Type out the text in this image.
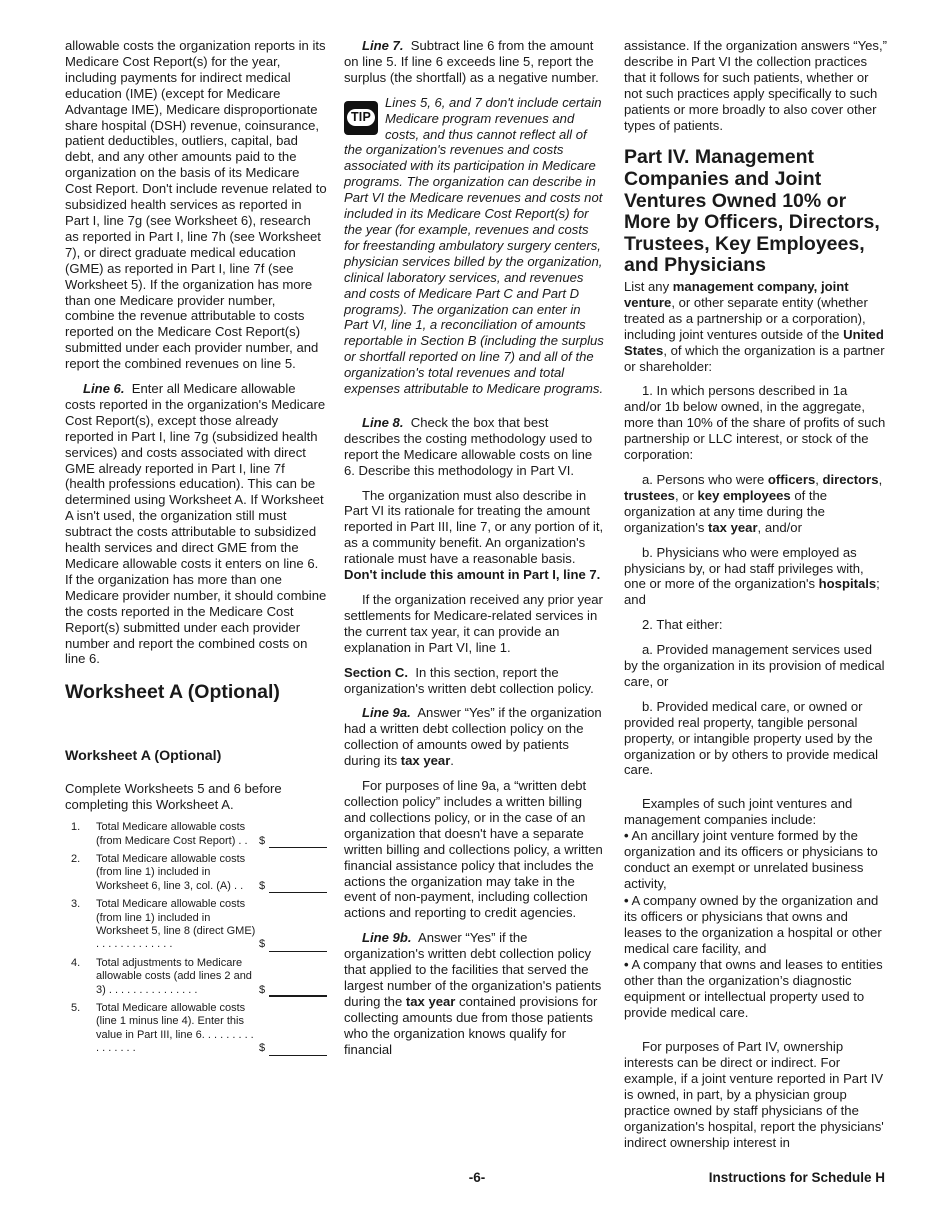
allowable costs the organization reports in its Medicare Cost Report(s) for the year, including payments for indirect medical education (IME) (except for Medicare Advantage IME), Medicare disproportionate share hospital (DSH) revenue, coinsurance, patient deductibles, outliers, capital, bad debt, and any other amounts paid to the organization on the basis of its Medicare Cost Report. Don't include revenue related to subsidized health services as reported in Part I, line 7g (see Worksheet 6), research as reported in Part I, line 7h (see Worksheet 7), or direct graduate medical education (GME) as reported in Part I, line 7f (see Worksheet 5). If the organization has more than one Medicare provider number, combine the revenue attributable to costs reported on the Medicare Cost Report(s) submitted under each provider number, and report the combined revenues on line 5.

Line 6. Enter all Medicare allowable costs reported in the organization's Medicare Cost Report(s), except those already reported in Part I, line 7g (subsidized health services) and costs associated with direct GME already reported in Part I, line 7f (health professions education). This can be determined using Worksheet A. If Worksheet A isn't used, the organization still must subtract the costs attributable to subsidized health services and direct GME from the Medicare allowable costs it enters on line 6. If the organization has more than one Medicare provider number, it should combine the costs reported in the Medicare Cost Report(s) submitted under each provider number and report the combined costs on line 6.

Worksheet A (Optional)
Worksheet A (Optional)

Complete Worksheets 5 and 6 before completing this Worksheet A.

1.	Total Medicare allowable costs (from Medicare Cost Report) . .	$	

2.	Total Medicare allowable costs (from line 1) included in Worksheet 6, line 3, col. (A) . .	$	

3.	Total Medicare allowable costs (from line 1) included in Worksheet 5, line 8 (direct GME) . . . . . . . . . . . . .	$	

4.	Total adjustments to Medicare allowable costs (add lines 2 and 3) . . . . . . . . . . . . . . .	$	

5.	Total Medicare allowable costs (line 1 minus line 4). Enter this value in Part III, line 6. . . . . . . . . . . . . . . .	$	

Line 7. Subtract line 6 from the amount on line 5. If line 6 exceeds line 5, report the surplus (the shortfall) as a negative number.

TIP
Lines 5, 6, and 7 don't include certain Medicare program revenues and costs, and thus cannot reflect all of the organization's revenues and costs associated with its participation in Medicare programs. The organization can describe in Part VI the Medicare revenues and costs not included in its Medicare Cost Report(s) for the year (for example, revenues and costs for freestanding ambulatory surgery centers, physician services billed by the organization, clinical laboratory services, and revenues and costs of Medicare Part C and Part D programs). The organization can enter in Part VI, line 1, a reconciliation of amounts reportable in Section B (including the surplus or shortfall reported on line 7) and all of the organization's total revenues and total expenses attributable to Medicare programs.

Line 8. Check the box that best describes the costing methodology used to report the Medicare allowable costs on line 6. Describe this methodology in Part VI.

The organization must also describe in Part VI its rationale for treating the amount reported in Part III, line 7, or any portion of it, as a community benefit. An organization's rationale must have a reasonable basis. Don't include this amount in Part I, line 7.

If the organization received any prior year settlements for Medicare-related services in the current tax year, it can provide an explanation in Part VI, line 1.

Section C. In this section, report the organization's written debt collection policy.

Line 9a. Answer “Yes” if the organization had a written debt collection policy on the collection of amounts owed by patients during its tax year.

For purposes of line 9a, a “written debt collection policy” includes a written billing and collections policy, or in the case of an organization that doesn't have a separate written billing and collections policy, a written financial assistance policy that includes the actions the organization may take in the event of non-payment, including collection actions and reporting to credit agencies.

Line 9b. Answer “Yes” if the organization's written debt collection policy that applied to the facilities that served the largest number of the organization's patients during the tax year contained provisions for collecting amounts due from those patients who the organization knows qualify for financial

assistance. If the organization answers “Yes,” describe in Part VI the collection practices that it follows for such patients, whether or not such practices apply specifically to such patients or more broadly to also cover other types of patients.

Part IV. Management Companies and Joint Ventures Owned 10% or More by Officers, Directors, Trustees, Key Employees, and Physicians

List any management company, joint venture, or other separate entity (whether treated as a partnership or a corporation), including joint ventures outside of the United States, of which the organization is a partner or shareholder:

1. In which persons described in 1a and/or 1b below owned, in the aggregate, more than 10% of the share of profits of such partnership or LLC interest, or stock of the corporation:

a. Persons who were officers, directors, trustees, or key employees of the organization at any time during the organization's tax year, and/or

b. Physicians who were employed as physicians by, or had staff privileges with, one or more of the organization's hospitals; and

2. That either:

a. Provided management services used by the organization in its provision of medical care, or

b. Provided medical care, or owned or provided real property, tangible personal property, or intangible property used by the organization or by others to provide medical care.

Examples of such joint ventures and management companies include:

• An ancillary joint venture formed by the organization and its officers or physicians to conduct an exempt or unrelated business activity,
• A company owned by the organization and its officers or physicians that owns and leases to the organization a hospital or other medical care facility, and
• A company that owns and leases to entities other than the organization’s diagnostic equipment or intellectual property used to provide medical care.

For purposes of Part IV, ownership interests can be direct or indirect. For example, if a joint venture reported in Part IV is owned, in part, by a physician group practice owned by staff physicians of the organization's hospital, report the physicians' indirect ownership interest in

-6-	Instructions for Schedule H
